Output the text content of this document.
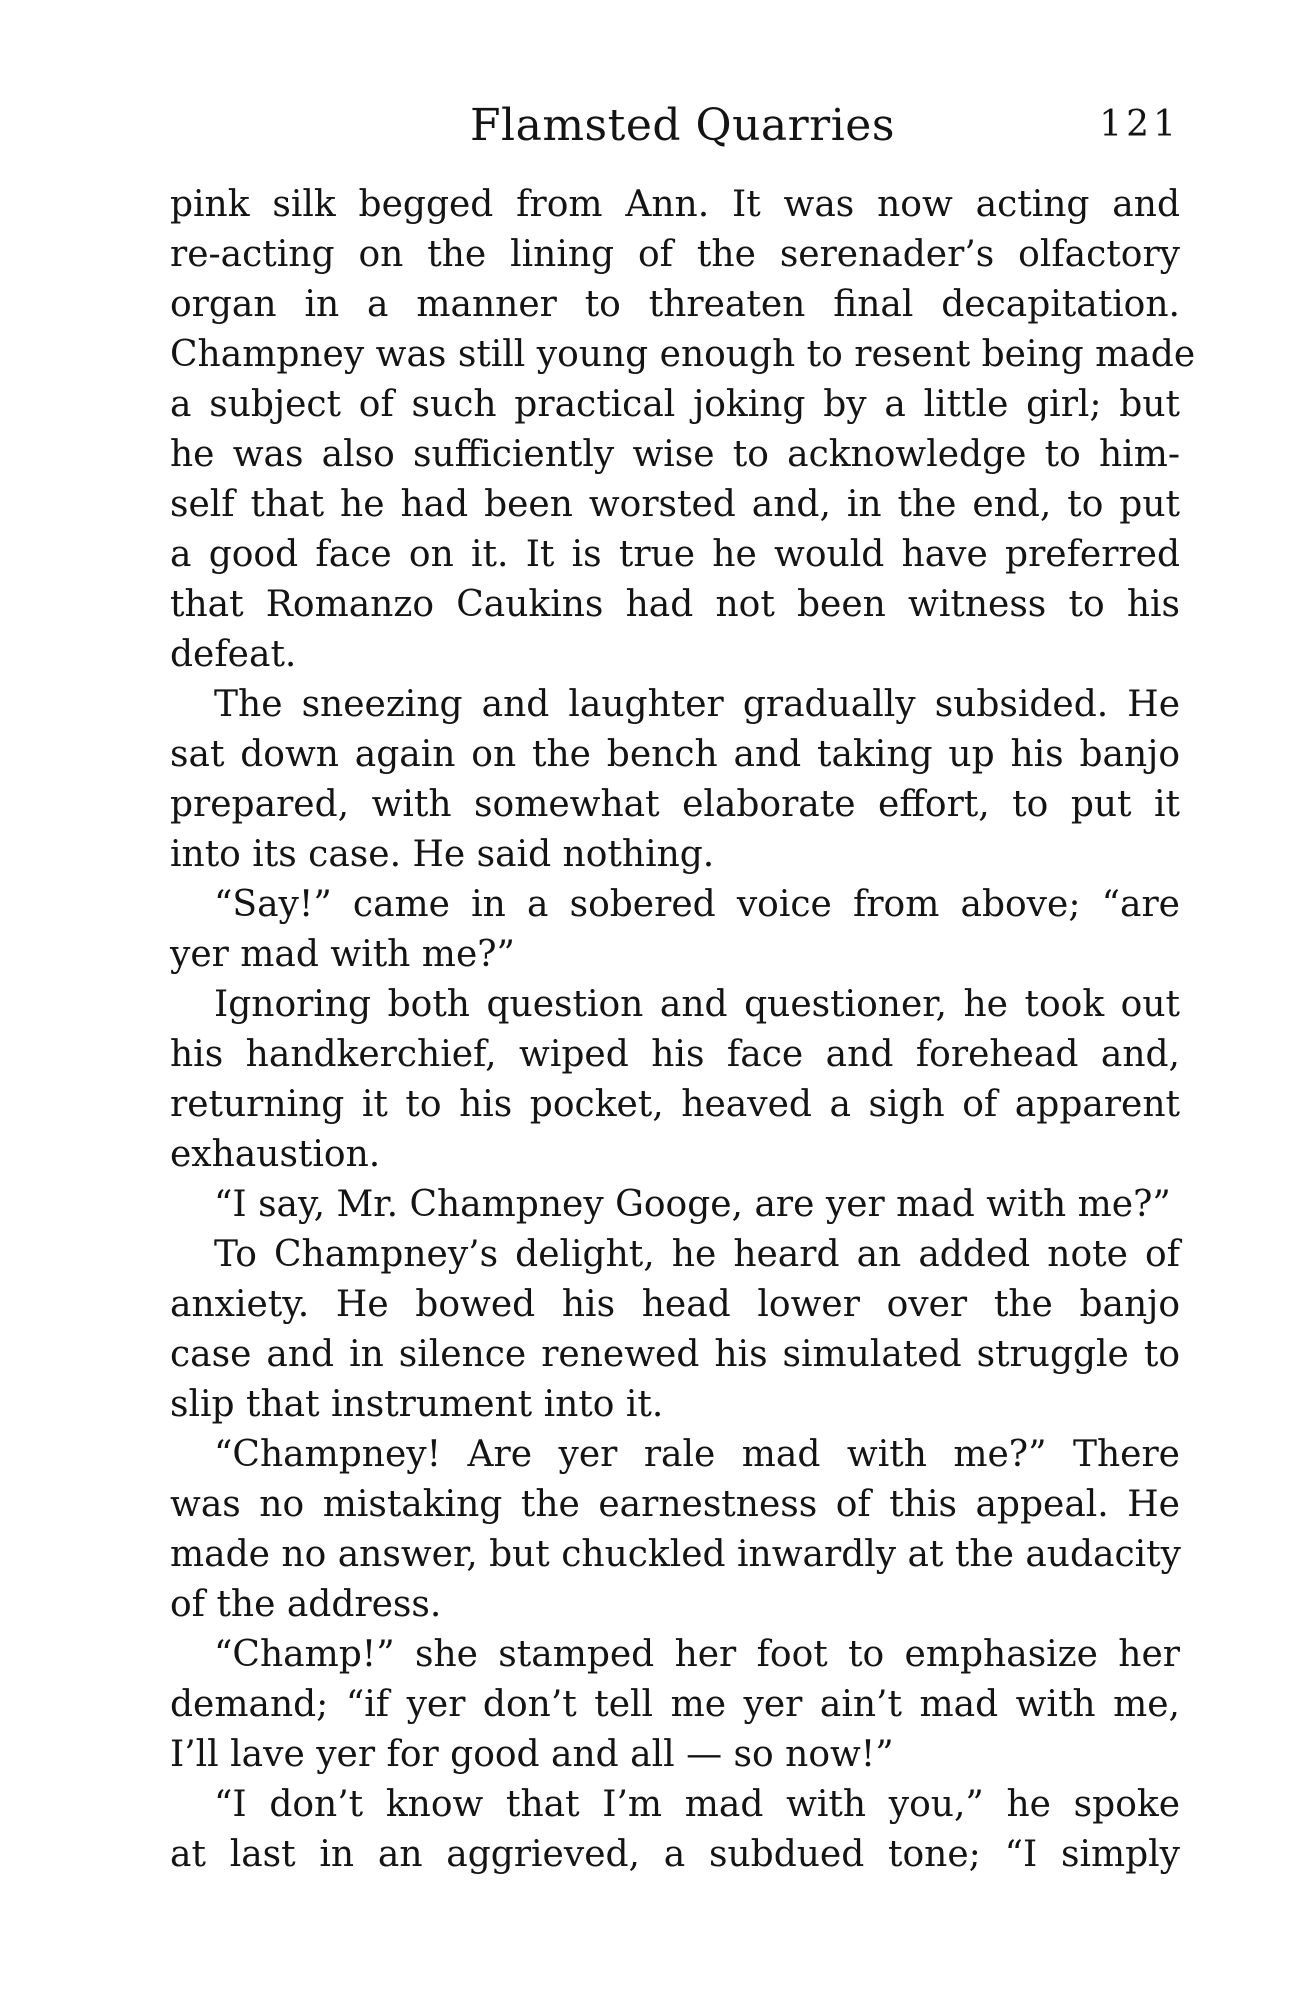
Flamsted Quarries	121
pink silk begged from Ann. It was now acting and
re-acting on the lining of the serenader’s olfactory
organ in a manner to threaten final decapitation.
Champney was still young enough to resent being made
a subject of such practical joking by a little girl; but
he was also sufficiently wise to acknowledge to him-
self that he had been worsted and, in the end, to put
a good face on it. It is true he would have preferred
that Romanzo Caukins had not been witness to his
defeat.
The sneezing and laughter gradually subsided. He
sat down again on the bench and taking up his banjo
prepared, with somewhat elaborate effort, to put it
into its case. He said nothing.
“Say!” came in a sobered voice from above; “are
yer mad with me?”
Ignoring both question and questioner, he took out
his handkerchief, wiped his face and forehead and,
returning it to his pocket, heaved a sigh of apparent
exhaustion.
“I say, Mr. Champney Googe, are yer mad with me?”
To Champney’s delight, he heard an added note of
anxiety. He bowed his head lower over the banjo
case and in silence renewed his simulated struggle to
slip that instrument into it.
“Champney! Are yer rale mad with me?” There
was no mistaking the earnestness of this appeal. He
made no answer, but chuckled inwardly at the audacity
of the address.
“Champ!” she stamped her foot to emphasize her
demand; “if yer don’t tell me yer ain’t mad with me,
I’ll lave yer for good and all — so now!”
“I don’t know that I’m mad with you,” he spoke
at last in an aggrieved, a subdued tone; “I simply
